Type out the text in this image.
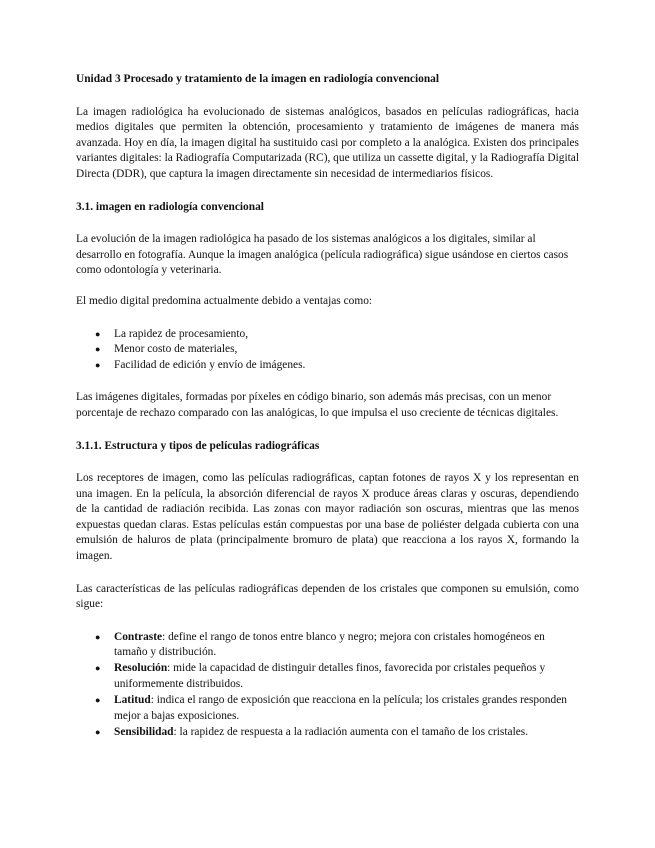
Unidad 3 Procesado y tratamiento de la imagen en radiología convencional

La imagen radiológica ha evolucionado de sistemas analógicos, basados en películas radiográficas, hacia medios digitales que permiten la obtención, procesamiento y tratamiento de imágenes de manera más avanzada. Hoy en día, la imagen digital ha sustituido casi por completo a la analógica. Existen dos principales variantes digitales: la Radiografía Computarizada (RC), que utiliza un cassette digital, y la Radiografía Digital Directa (DDR), que captura la imagen directamente sin necesidad de intermediarios físicos.

3.1. imagen en radiología convencional

La evolución de la imagen radiológica ha pasado de los sistemas analógicos a los digitales, similar al desarrollo en fotografía. Aunque la imagen analógica (película radiográfica) sigue usándose en ciertos casos como odontología y veterinaria.

El medio digital predomina actualmente debido a ventajas como:

● La rapidez de procesamiento,
● Menor costo de materiales,
● Facilidad de edición y envío de imágenes.

Las imágenes digitales, formadas por píxeles en código binario, son además más precisas, con un menor porcentaje de rechazo comparado con las analógicas, lo que impulsa el uso creciente de técnicas digitales.

3.1.1. Estructura y tipos de películas radiográficas

Los receptores de imagen, como las películas radiográficas, captan fotones de rayos X y los representan en una imagen. En la película, la absorción diferencial de rayos X produce áreas claras y oscuras, dependiendo de la cantidad de radiación recibida. Las zonas con mayor radiación son oscuras, mientras que las menos expuestas quedan claras. Estas películas están compuestas por una base de poliéster delgada cubierta con una emulsión de haluros de plata (principalmente bromuro de plata) que reacciona a los rayos X, formando la imagen.

Las características de las películas radiográficas dependen de los cristales que componen su emulsión, como sigue:

● Contraste: define el rango de tonos entre blanco y negro; mejora con cristales homogéneos en tamaño y distribución.
● Resolución: mide la capacidad de distinguir detalles finos, favorecida por cristales pequeños y uniformemente distribuidos.
● Latitud: indica el rango de exposición que reacciona en la película; los cristales grandes responden mejor a bajas exposiciones.
● Sensibilidad: la rapidez de respuesta a la radiación aumenta con el tamaño de los cristales.
